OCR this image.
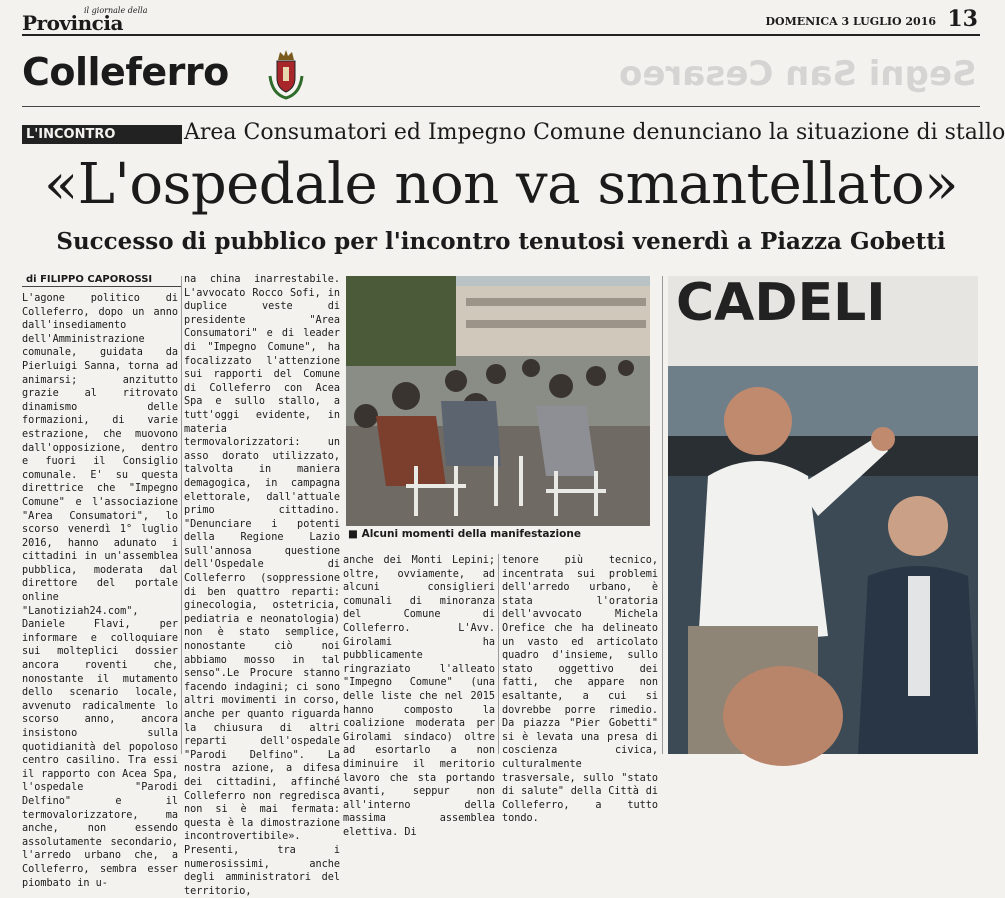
il giornale della
Provincia	DOMENICA 3 LUGLIO 2016 13
Colleferro	Segni San Cesareo
L'INCONTRO	Area Consumatori ed Impegno Comune denunciano la situazione di stallo
«L'ospedale non va smantellato»
Successo di pubblico per l'incontro tenutosi venerdì a Piazza Gobetti
di FILIPPO CAPOROSSI
L'agone politico di Colleferro, dopo un anno dall'insediamento dell'Amministrazione comunale, guidata da Pierluigi Sanna, torna ad animarsi; anzitutto grazie al ritrovato dinamismo delle formazioni, di varie estrazione, che muovono dall'opposizione, dentro e fuori il Consiglio comunale. E' su questa direttrice che "Impegno Comune" e l'associazione "Area Consumatori", lo scorso venerdì 1° luglio 2016, hanno adunato i cittadini in un'assemblea pubblica, moderata dal direttore del portale online "Lanotiziah24.com", Daniele Flavi, per informare e colloquiare sui molteplici dossier ancora roventi che, nonostante il mutamento dello scenario locale, avvenuto radicalmente lo scorso anno, ancora insistono sulla quotidianità del popoloso centro casilino. Tra essi il rapporto con Acea Spa, l'ospedale "Parodi Delfino" e il termovalorizzatore, ma anche, non essendo assolutamente secondario, l'arredo urbano che, a Colleferro, sembra esser piombato in u-
na china inarrestabile. L'avvocato Rocco Sofi, in duplice veste di presidente "Area Consumatori" e di leader di "Impegno Comune", ha focalizzato l'attenzione sui rapporti del Comune di Colleferro con Acea Spa e sullo stallo, a tutt'oggi evidente, in materia termovalorizzatori: un asso dorato utilizzato, talvolta in maniera demagogica, in campagna elettorale, dall'attuale primo cittadino. "Denunciare i potenti della Regione Lazio sull'annosa questione dell'Ospedale di Colleferro (soppressione di ben quattro reparti: ginecologia, ostetricia, pediatria e neonatologia) non è stato semplice, nonostante ciò noi abbiamo mosso in tal senso".Le Procure stanno facendo indagini; ci sono altri movimenti in corso, anche per quanto riguarda la chiusura di altri reparti dell'ospedale "Parodi Delfino". La nostra azione, a difesa dei cittadini, affinché Colleferro non regredisca non si è mai fermata: questa è la dimostrazione incontrovertibile». Presenti, tra i numerosissimi, anche degli amministratori del territorio,
anche dei Monti Lepini; oltre, ovviamente, ad alcuni consiglieri comunali di minoranza del Comune di Colleferro. L'Avv. Girolami ha pubblicamente ringraziato l'alleato "Impegno Comune" (una delle liste che nel 2015 hanno composto la coalizione moderata per Girolami sindaco) oltre ad esortarlo a non diminuire il meritorio lavoro che sta portando avanti, seppur non all'interno della massima assemblea elettiva. Di
tenore più tecnico, incentrata sui problemi dell'arredo urbano, è stata l'oratoria dell'avvocato Michela Orefice che ha delineato un vasto ed articolato quadro d'insieme, sullo stato oggettivo dei fatti, che appare non esaltante, a cui si dovrebbe porre rimedio. Da piazza "Pier Gobetti" si è levata una presa di coscienza civica, culturalmente trasversale, sullo "stato di salute" della Città di Colleferro, a tutto tondo.
■ Alcuni momenti della manifestazione
CADELI
